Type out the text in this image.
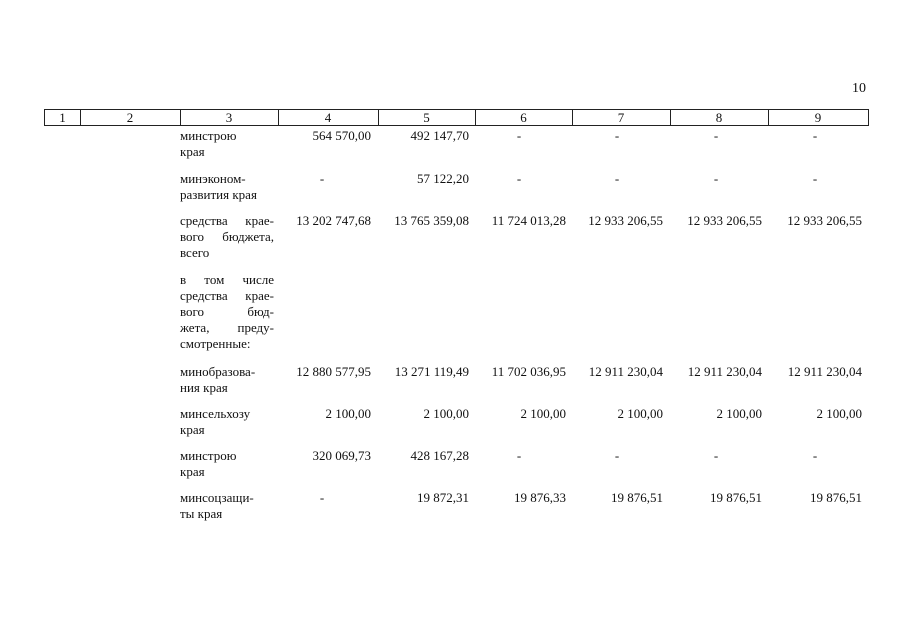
10
1	2	3	4	5	6	7	8	9
минстрою
края
564 570,00	492 147,70	-	-	-	-
минэконом-
развития края
-	57 122,20	-	-	-	-
средства крае-
вого бюджета,
всего
13 202 747,68	13 765 359,08	11 724 013,28	12 933 206,55	12 933 206,55	12 933 206,55
в том числе
средства крае-
вого бюд-
жета, преду-
смотренные:
минобразова-
ния края
12 880 577,95	13 271 119,49	11 702 036,95	12 911 230,04	12 911 230,04	12 911 230,04
минсельхозу
края
2 100,00	2 100,00	2 100,00	2 100,00	2 100,00	2 100,00
минстрою
края
320 069,73	428 167,28	-	-	-	-
минсоцзащи-
ты края
-	19 872,31	19 876,33	19 876,51	19 876,51	19 876,51
